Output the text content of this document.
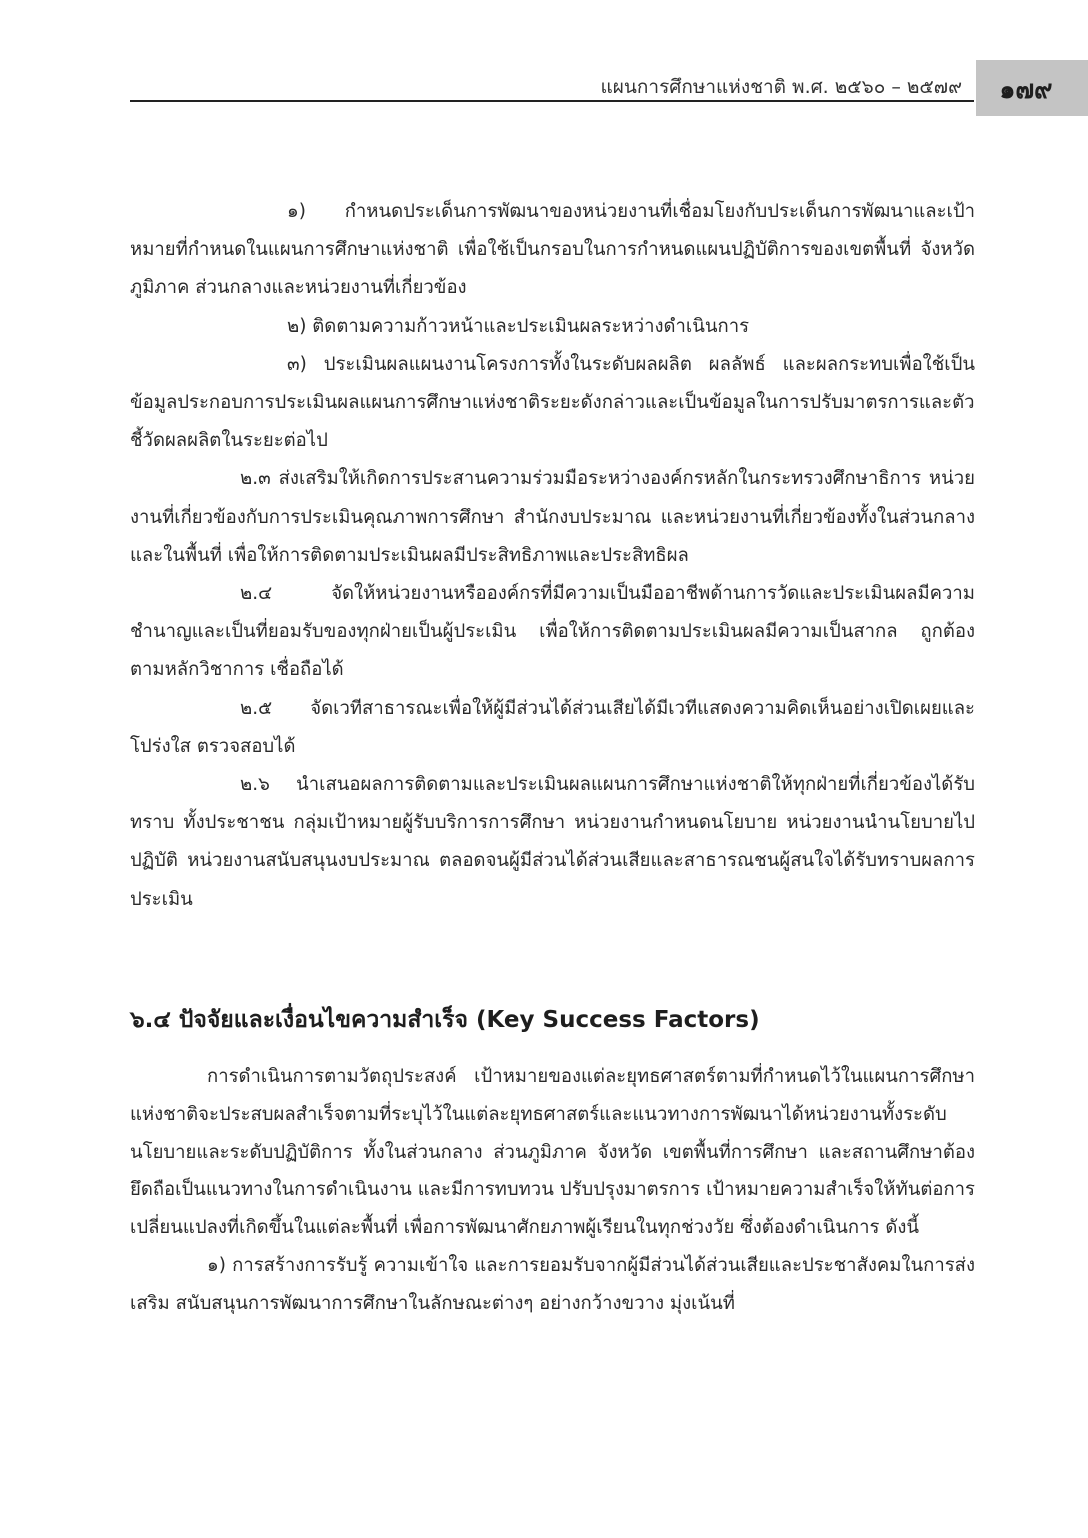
แผนการศึกษาแห่งชาติ พ.ศ. ๒๕๖๐ – ๒๕๗๙	๑๗๙

๑) กำหนดประเด็นการพัฒนาของหน่วยงานที่เชื่อมโยงกับประเด็นการพัฒนาและเป้าหมายที่กำหนดในแผนการศึกษาแห่งชาติ เพื่อใช้เป็นกรอบในการกำหนดแผนปฏิบัติการของเขตพื้นที่ จังหวัด ภูมิภาค ส่วนกลางและหน่วยงานที่เกี่ยวข้อง

๒) ติดตามความก้าวหน้าและประเมินผลระหว่างดำเนินการ

๓) ประเมินผลแผนงานโครงการทั้งในระดับผลผลิต ผลลัพธ์ และผลกระทบเพื่อใช้เป็นข้อมูลประกอบการประเมินผลแผนการศึกษาแห่งชาติระยะดังกล่าวและเป็นข้อมูลในการปรับมาตรการและตัวชี้วัดผลผลิตในระยะต่อไป

๒.๓ ส่งเสริมให้เกิดการประสานความร่วมมือระหว่างองค์กรหลักในกระทรวงศึกษาธิการ หน่วยงานที่เกี่ยวข้องกับการประเมินคุณภาพการศึกษา สำนักงบประมาณ และหน่วยงานที่เกี่ยวข้องทั้งในส่วนกลางและในพื้นที่ เพื่อให้การติดตามประเมินผลมีประสิทธิภาพและประสิทธิผล

๒.๔ จัดให้หน่วยงานหรือองค์กรที่มีความเป็นมืออาชีพด้านการวัดและประเมินผลมีความชำนาญและเป็นที่ยอมรับของทุกฝ่ายเป็นผู้ประเมิน เพื่อให้การติดตามประเมินผลมีความเป็นสากล ถูกต้องตามหลักวิชาการ เชื่อถือได้

๒.๕ จัดเวทีสาธารณะเพื่อให้ผู้มีส่วนได้ส่วนเสียได้มีเวทีแสดงความคิดเห็นอย่างเปิดเผยและโปร่งใส ตรวจสอบได้

๒.๖ นำเสนอผลการติดตามและประเมินผลแผนการศึกษาแห่งชาติให้ทุกฝ่ายที่เกี่ยวข้องได้รับทราบ ทั้งประชาชน กลุ่มเป้าหมายผู้รับบริการการศึกษา หน่วยงานกำหนดนโยบาย หน่วยงานนำนโยบายไปปฏิบัติ หน่วยงานสนับสนุนงบประมาณ ตลอดจนผู้มีส่วนได้ส่วนเสียและสาธารณชนผู้สนใจได้รับทราบผลการประเมิน

๖.๔ ปัจจัยและเงื่อนไขความสำเร็จ (Key Success Factors)

การดำเนินการตามวัตถุประสงค์ เป้าหมายของแต่ละยุทธศาสตร์ตามที่กำหนดไว้ในแผนการศึกษาแห่งชาติจะประสบผลสำเร็จตามที่ระบุไว้ในแต่ละยุทธศาสตร์และแนวทางการพัฒนาได้หน่วยงานทั้งระดับนโยบายและระดับปฏิบัติการ ทั้งในส่วนกลาง ส่วนภูมิภาค จังหวัด เขตพื้นที่การศึกษา และสถานศึกษาต้องยึดถือเป็นแนวทางในการดำเนินงาน และมีการทบทวน ปรับปรุงมาตรการ เป้าหมายความสำเร็จให้ทันต่อการเปลี่ยนแปลงที่เกิดขึ้นในแต่ละพื้นที่ เพื่อการพัฒนาศักยภาพผู้เรียนในทุกช่วงวัย ซึ่งต้องดำเนินการ ดังนี้

๑) การสร้างการรับรู้ ความเข้าใจ และการยอมรับจากผู้มีส่วนได้ส่วนเสียและประชาสังคมในการส่งเสริม สนับสนุนการพัฒนาการศึกษาในลักษณะต่างๆ อย่างกว้างขวาง มุ่งเน้นที่
